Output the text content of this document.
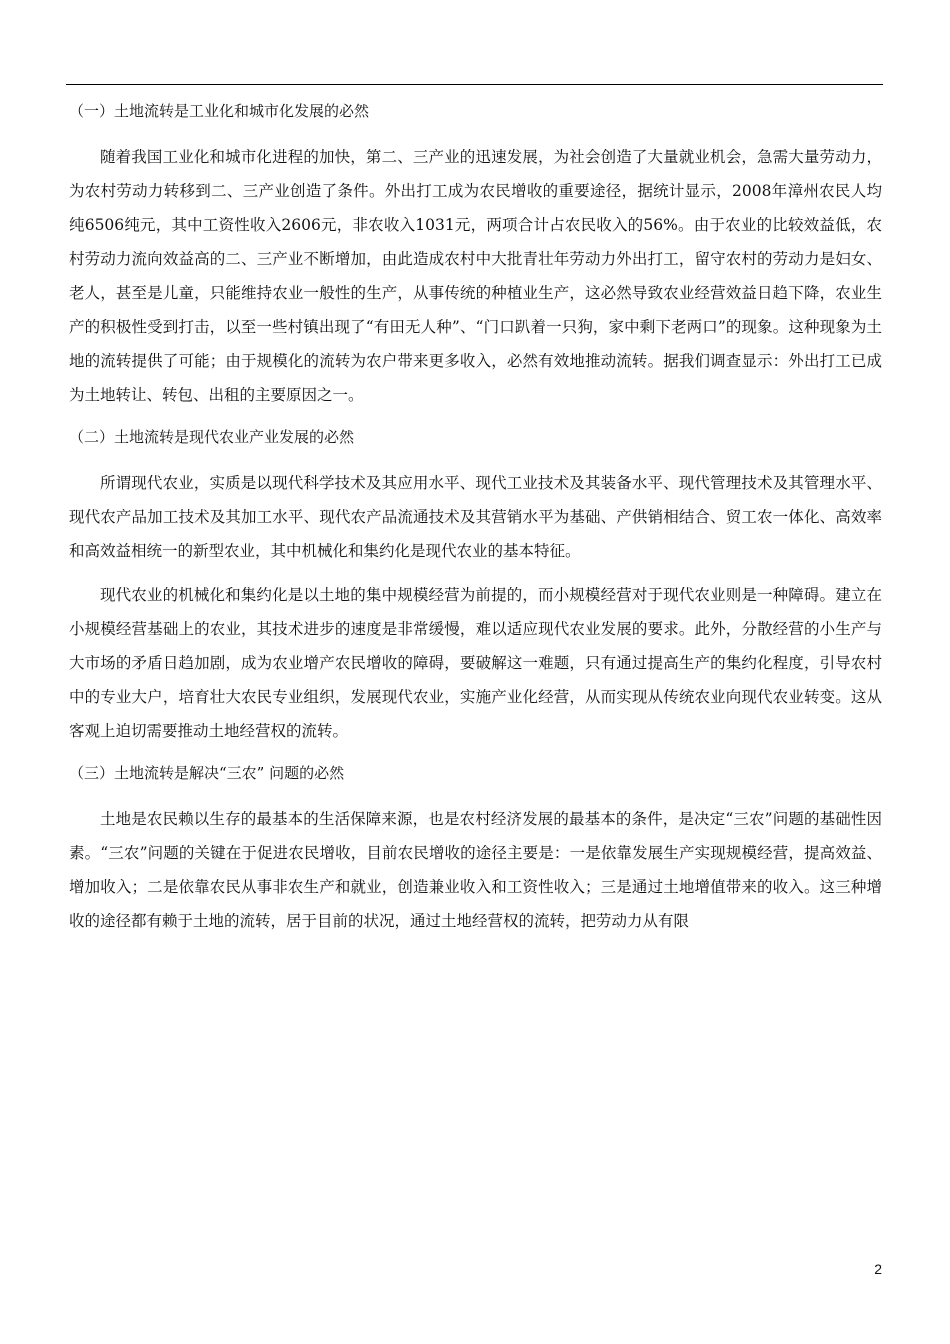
（一）土地流转是工业化和城市化发展的必然

随着我国工业化和城市化进程的加快，第二、三产业的迅速发展，为社会创造了大量就业机会，急需大量劳动力，为农村劳动力转移到二、三产业创造了条件。外出打工成为农民增收的重要途径，据统计显示，2008年漳州农民人均纯6506纯元，其中工资性收入2606元，非农收入1031元，两项合计占农民收入的56%。由于农业的比较效益低，农村劳动力流向效益高的二、三产业不断增加，由此造成农村中大批青壮年劳动力外出打工，留守农村的劳动力是妇女、老人，甚至是儿童，只能维持农业一般性的生产，从事传统的种植业生产，这必然导致农业经营效益日趋下降，农业生产的积极性受到打击，以至一些村镇出现了“有田无人种”、“门口趴着一只狗，家中剩下老两口”的现象。这种现象为土地的流转提供了可能；由于规模化的流转为农户带来更多收入，必然有效地推动流转。据我们调查显示：外出打工已成为土地转让、转包、出租的主要原因之一。

（二）土地流转是现代农业产业发展的必然

所谓现代农业，实质是以现代科学技术及其应用水平、现代工业技术及其装备水平、现代管理技术及其管理水平、现代农产品加工技术及其加工水平、现代农产品流通技术及其营销水平为基础、产供销相结合、贸工农一体化、高效率和高效益相统一的新型农业，其中机械化和集约化是现代农业的基本特征。

现代农业的机械化和集约化是以土地的集中规模经营为前提的，而小规模经营对于现代农业则是一种障碍。建立在小规模经营基础上的农业，其技术进步的速度是非常缓慢，难以适应现代农业发展的要求。此外，分散经营的小生产与大市场的矛盾日趋加剧，成为农业增产农民增收的障碍，要破解这一难题，只有通过提高生产的集约化程度，引导农村中的专业大户，培育壮大农民专业组织，发展现代农业，实施产业化经营，从而实现从传统农业向现代农业转变。这从客观上迫切需要推动土地经营权的流转。

（三）土地流转是解决“三农” 问题的必然

土地是农民赖以生存的最基本的生活保障来源，也是农村经济发展的最基本的条件，是决定“三农”问题的基础性因素。“三农”问题的关键在于促进农民增收，目前农民增收的途径主要是：一是依靠发展生产实现规模经营，提高效益、增加收入；二是依靠农民从事非农生产和就业，创造兼业收入和工资性收入；三是通过土地增值带来的收入。这三种增收的途径都有赖于土地的流转，居于目前的状况，通过土地经营权的流转，把劳动力从有限

2
